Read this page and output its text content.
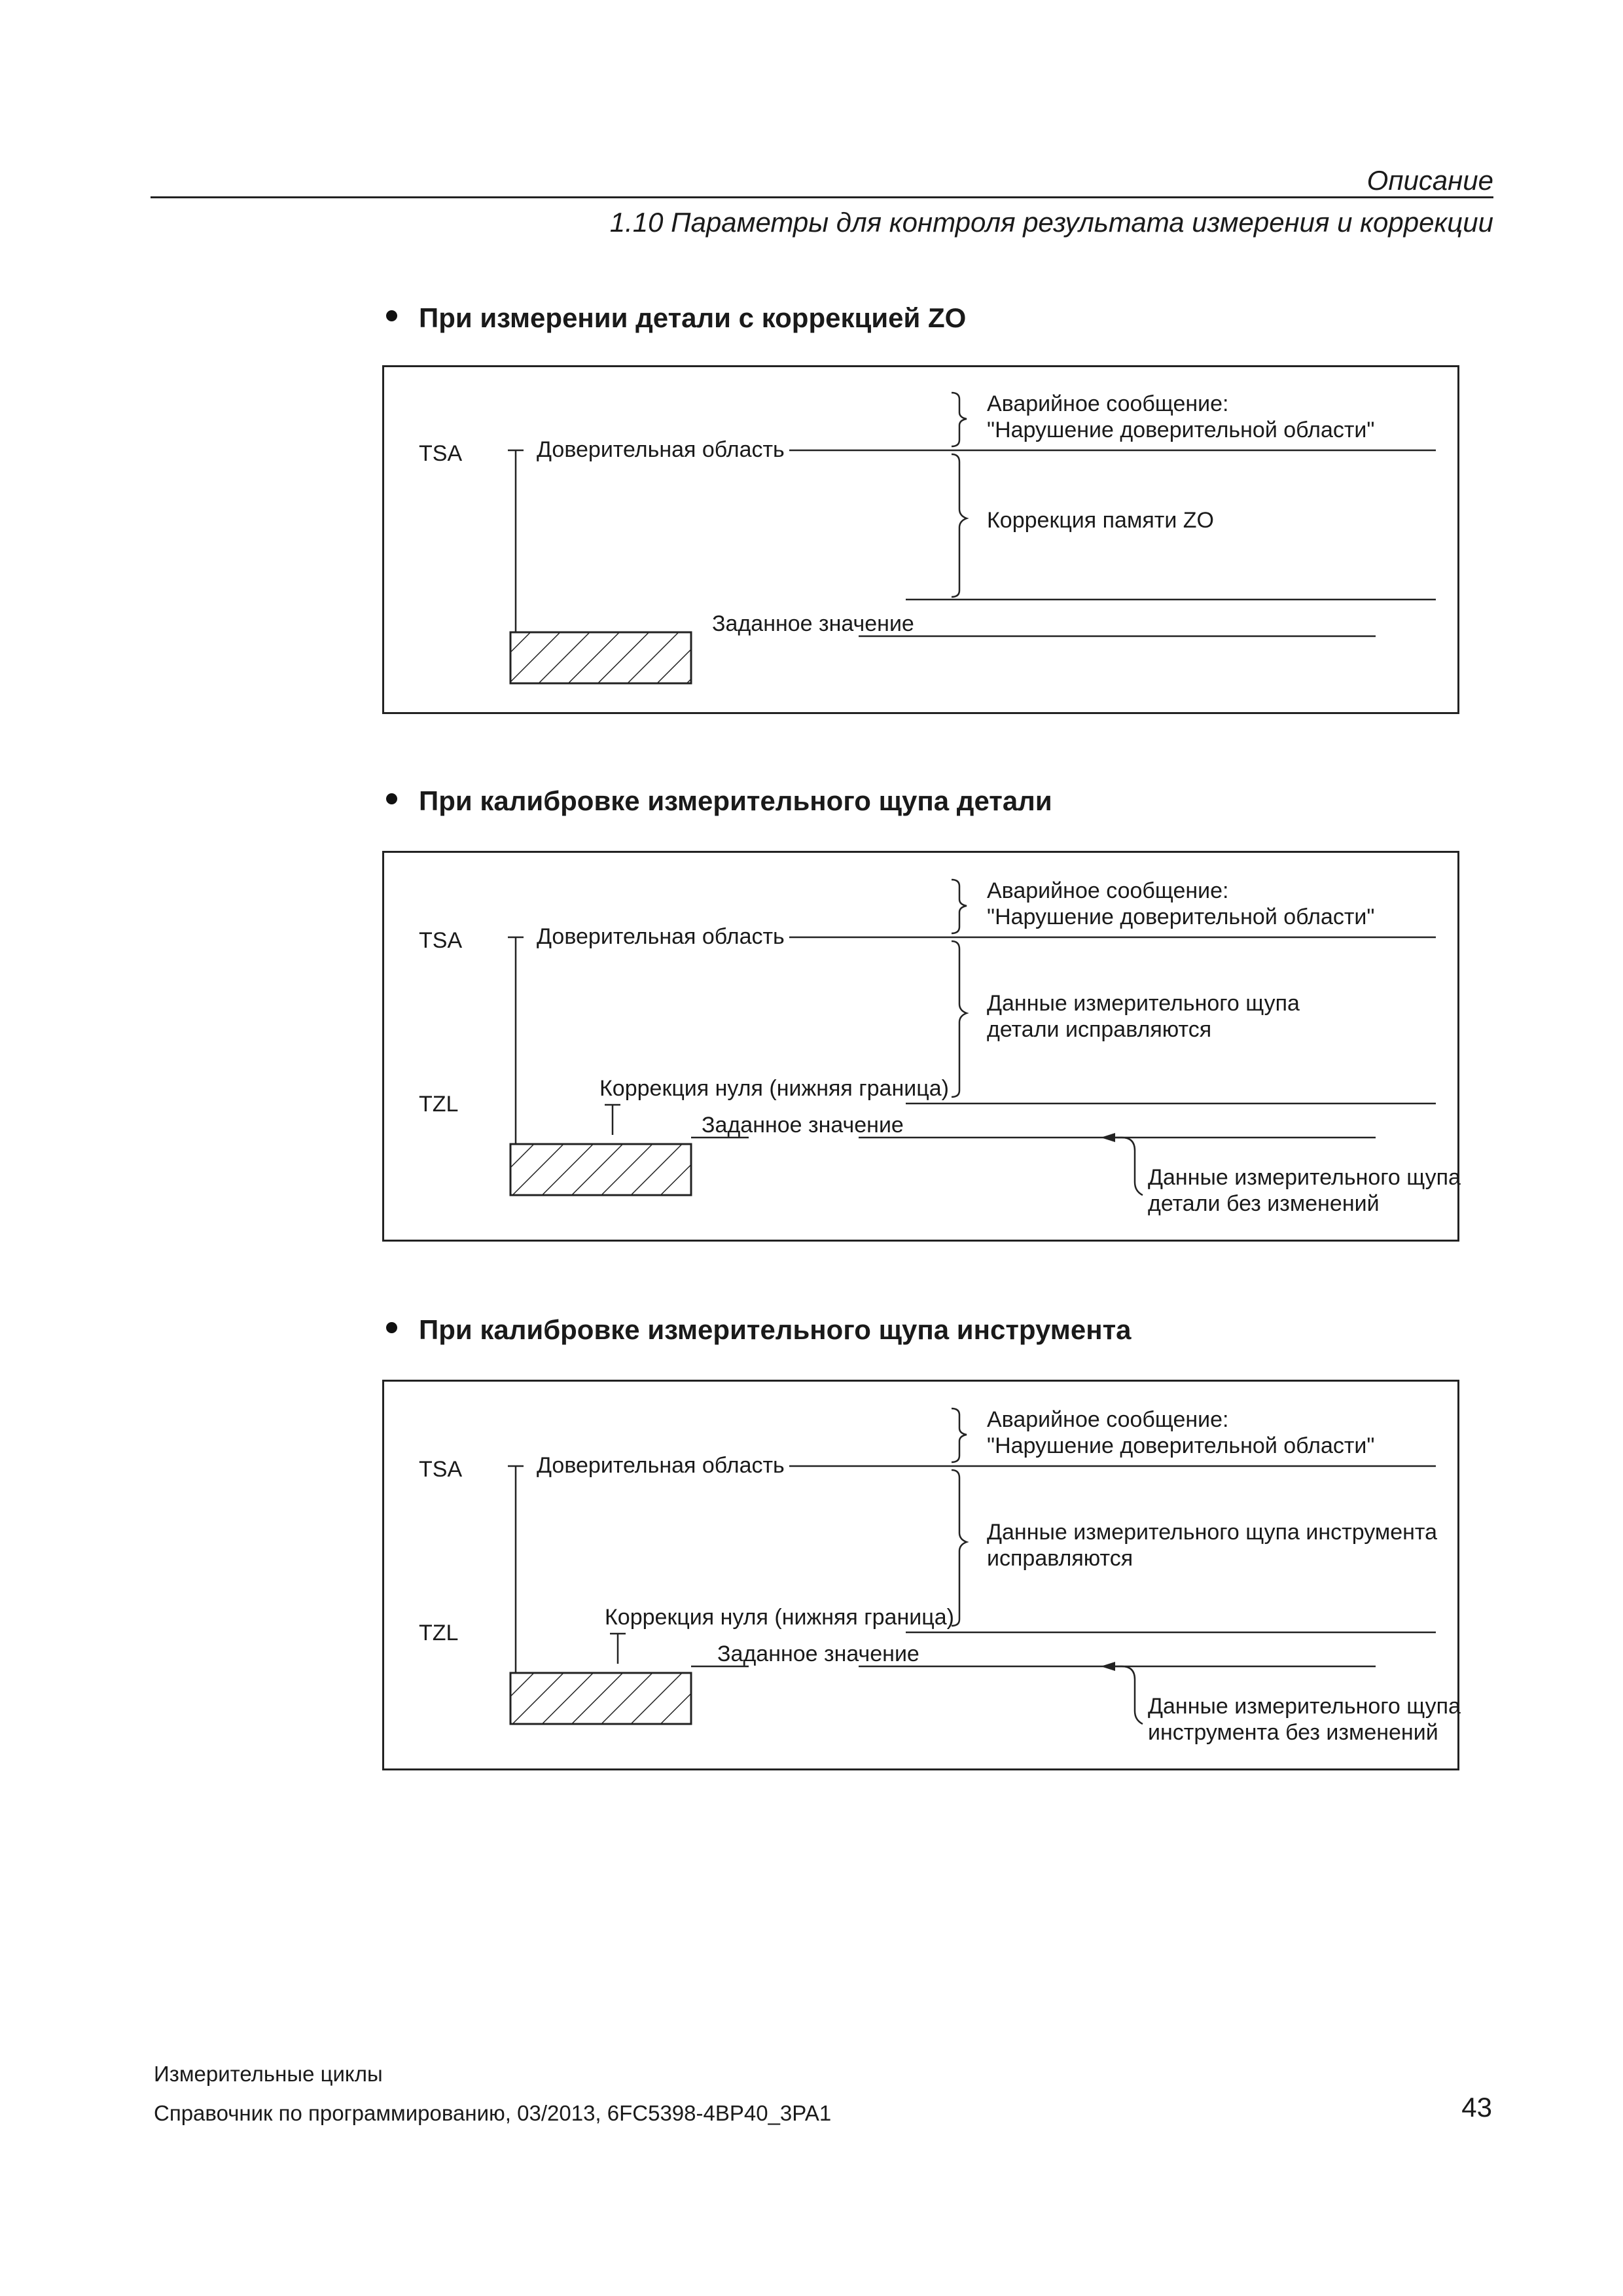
Описание
1.10 Параметры для контроля результата измерения и коррекции
При измерении детали с коррекцией ZO
TSA	Доверительная область
Аварийное сообщение:
"Нарушение доверительной области"
Коррекция памяти ZO
Заданное значение
При калибровке измерительного щупа детали
TSA	Доверительная область
Аварийное сообщение:
"Нарушение доверительной области"
Данные измерительного щупа
детали исправляются
TZL
Коррекция нуля (нижняя граница)
Заданное значение
Данные измерительного щупа
детали без изменений
При калибровке измерительного щупа инструмента
TSA	Доверительная область
Аварийное сообщение:
"Нарушение доверительной области"
Данные измерительного щупа инструмента
исправляются
TZL
Коррекция нуля (нижняя граница)
Заданное значение
Данные измерительного щупа
инструмента без изменений
Измерительные циклы
Справочник по программированию, 03/2013, 6FC5398-4BP40_3PA1	43
